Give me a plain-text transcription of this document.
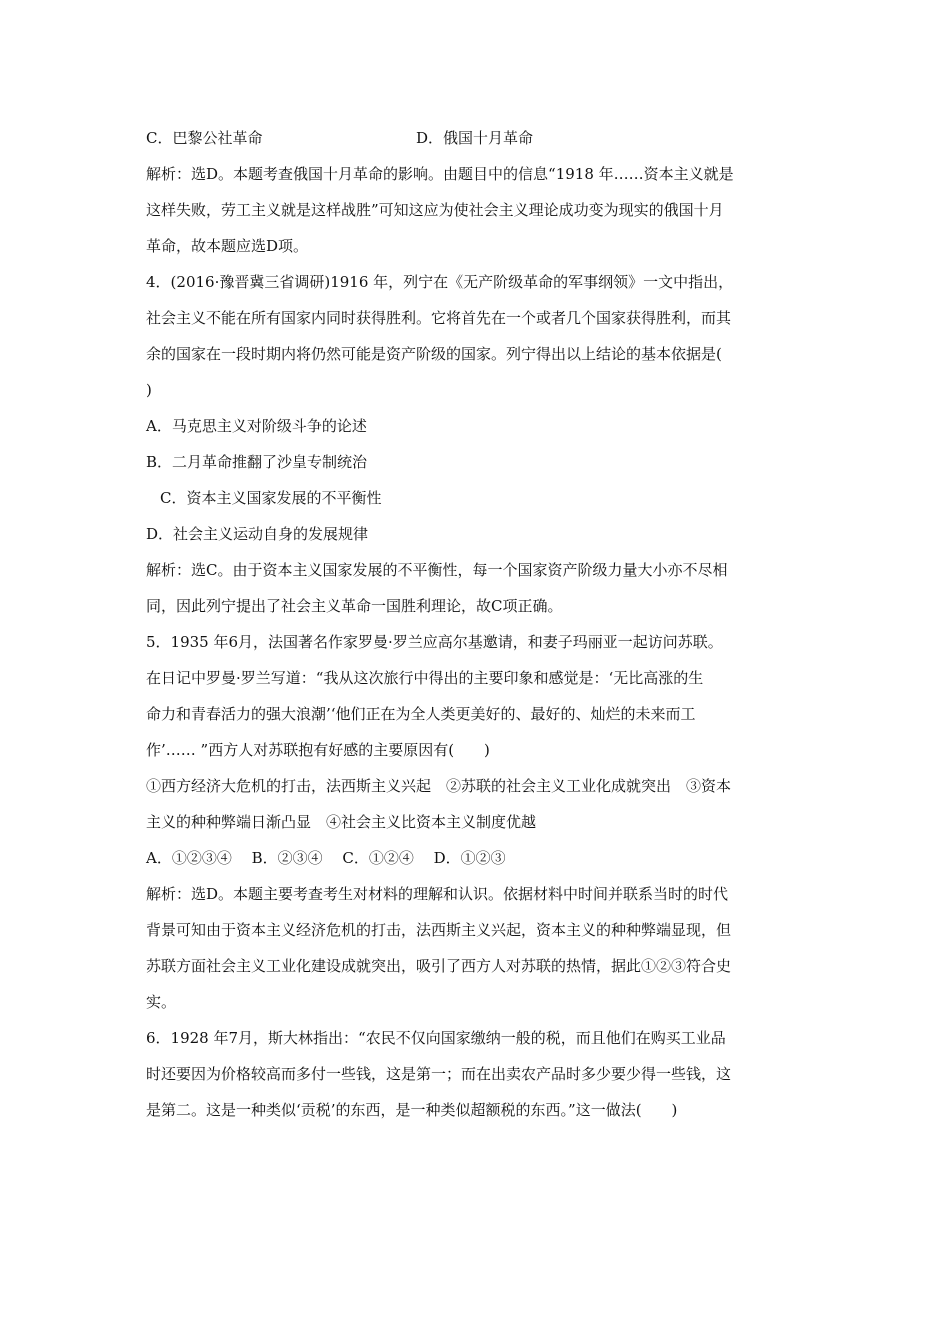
C．巴黎公社革命	D．俄国十月革命
解析：选D。本题考查俄国十月革命的影响。由题目中的信息“1918 年……资本主义就是
这样失败，劳工主义就是这样战胜”可知这应为使社会主义理论成功变为现实的俄国十月
革命，故本题应选D项。
4．(2016·豫晋冀三省调研)1916 年，列宁在《无产阶级革命的军事纲领》一文中指出，
社会主义不能在所有国家内同时获得胜利。它将首先在一个或者几个国家获得胜利，而其
余的国家在一段时期内将仍然可能是资产阶级的国家。列宁得出以上结论的基本依据是(
)
A．马克思主义对阶级斗争的论述
B．二月革命推翻了沙皇专制统治
C．资本主义国家发展的不平衡性
D．社会主义运动自身的发展规律
解析：选C。由于资本主义国家发展的不平衡性，每一个国家资产阶级力量大小亦不尽相
同，因此列宁提出了社会主义革命一国胜利理论，故C项正确。
5．1935 年6月，法国著名作家罗曼·罗兰应高尔基邀请，和妻子玛丽亚一起访问苏联。
在日记中罗曼·罗兰写道：“我从这次旅行中得出的主要印象和感觉是：‘无比高涨的生
命力和青春活力的强大浪潮’‘他们正在为全人类更美好的、最好的、灿烂的未来而工
作’…… ”西方人对苏联抱有好感的主要原因有(　　)
①西方经济大危机的打击，法西斯主义兴起　②苏联的社会主义工业化成就突出　③资本
主义的种种弊端日渐凸显　④社会主义比资本主义制度优越
A．①②③④　 B．②③④　 C．①②④　 D．①②③
解析：选D。本题主要考查考生对材料的理解和认识。依据材料中时间并联系当时的时代
背景可知由于资本主义经济危机的打击，法西斯主义兴起，资本主义的种种弊端显现，但
苏联方面社会主义工业化建设成就突出，吸引了西方人对苏联的热情，据此①②③符合史
实。
6．1928 年7月，斯大林指出：“农民不仅向国家缴纳一般的税，而且他们在购买工业品
时还要因为价格较高而多付一些钱，这是第一；而在出卖农产品时多少要少得一些钱，这
是第二。这是一种类似‘贡税’的东西，是一种类似超额税的东西。”这一做法(　　)
